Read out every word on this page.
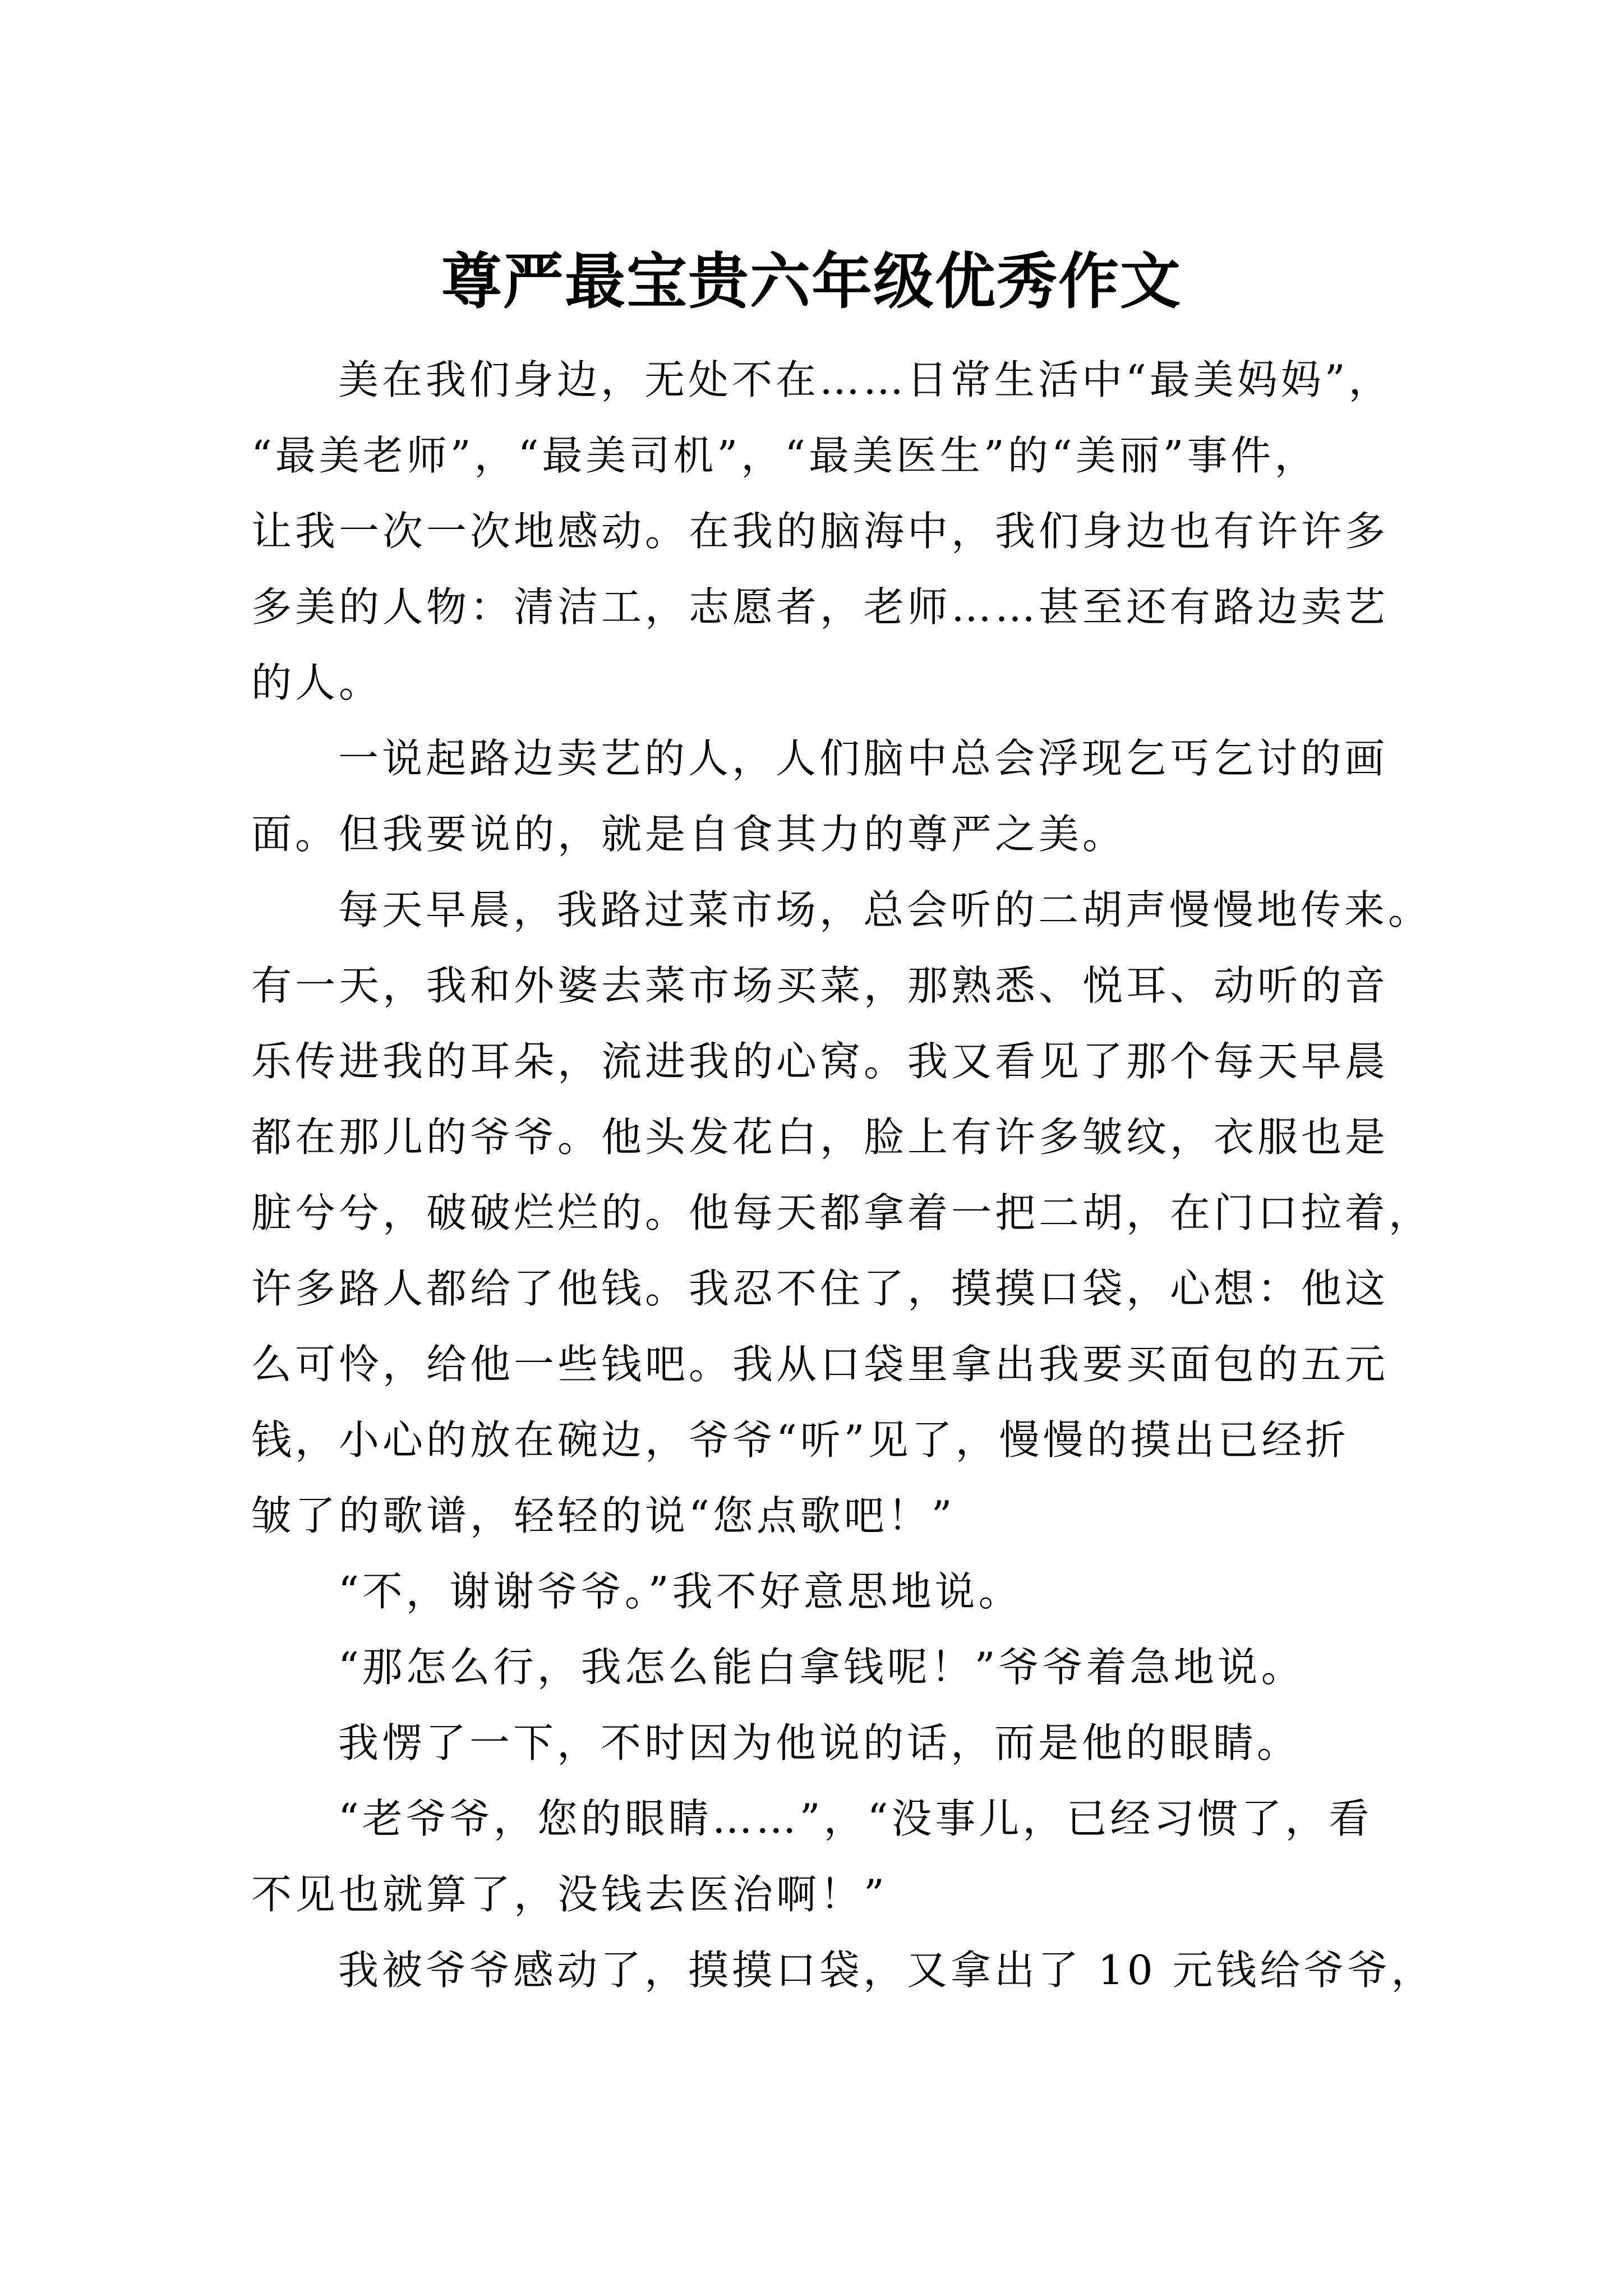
尊严最宝贵六年级优秀作文

美在我们身边，无处不在……日常生活中“最美妈妈”，
“最美老师”，“最美司机”，“最美医生”的“美丽”事件，
让我一次一次地感动。在我的脑海中，我们身边也有许许多
多美的人物：清洁工，志愿者，老师……甚至还有路边卖艺
的人。

一说起路边卖艺的人，人们脑中总会浮现乞丐乞讨的画
面。但我要说的，就是自食其力的尊严之美。

每天早晨，我路过菜市场，总会听的二胡声慢慢地传来。
有一天，我和外婆去菜市场买菜，那熟悉、悦耳、动听的音
乐传进我的耳朵，流进我的心窝。我又看见了那个每天早晨
都在那儿的爷爷。他头发花白，脸上有许多皱纹，衣服也是
脏兮兮，破破烂烂的。他每天都拿着一把二胡，在门口拉着，
许多路人都给了他钱。我忍不住了，摸摸口袋，心想：他这
么可怜，给他一些钱吧。我从口袋里拿出我要买面包的五元
钱，小心的放在碗边，爷爷“听”见了，慢慢的摸出已经折
皱了的歌谱，轻轻的说“您点歌吧！”

“不，谢谢爷爷。”我不好意思地说。

“那怎么行，我怎么能白拿钱呢！”爷爷着急地说。

我愣了一下，不时因为他说的话，而是他的眼睛。

“老爷爷，您的眼睛……”，“没事儿，已经习惯了，看
不见也就算了，没钱去医治啊！”

我被爷爷感动了，摸摸口袋，又拿出了 10 元钱给爷爷，
